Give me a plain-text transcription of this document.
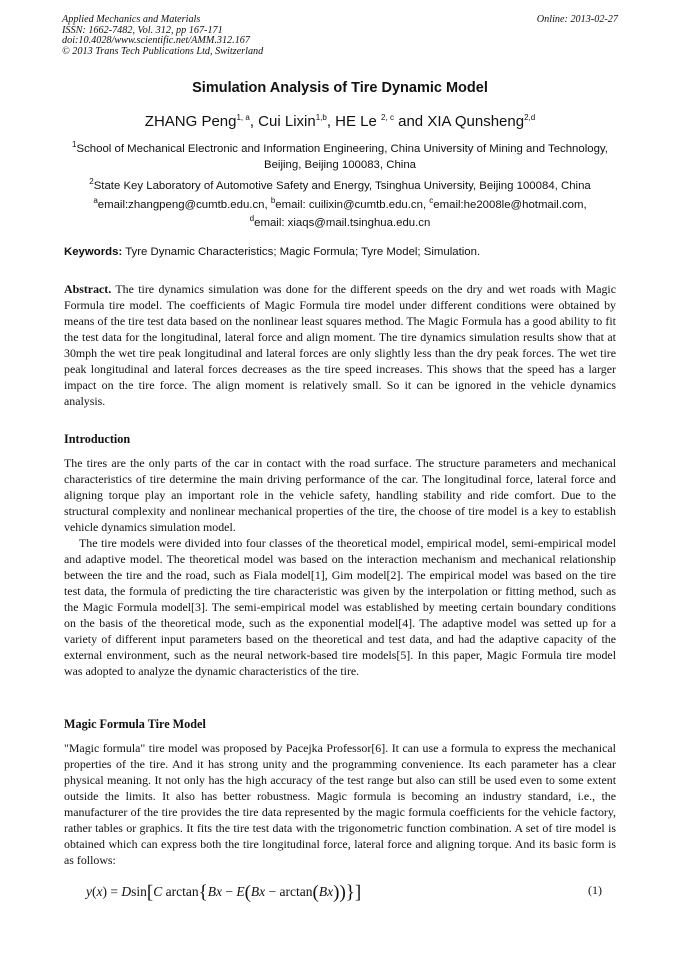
Applied Mechanics and Materials
ISSN: 1662-7482, Vol. 312, pp 167-171
doi:10.4028/www.scientific.net/AMM.312.167
© 2013 Trans Tech Publications Ltd, Switzerland
Online: 2013-02-27
Simulation Analysis of Tire Dynamic Model
ZHANG Peng$^{1, a}$, Cui Lixin$^{1,b}$, HE Le $^{2, c}$ and XIA Qunsheng$^{2,d}$
$^1$School of Mechanical Electronic and Information Engineering, China University of Mining and Technology, Beijing, Beijing 100083, China
$^2$State Key Laboratory of Automotive Safety and Energy, Tsinghua University, Beijing 100084, China
$^a$email:zhangpeng@cumtb.edu.cn, $^b$email: cuilixin@cumtb.edu.cn, $^c$email:he2008le@hotmail.com,
$^d$email: xiaqs@mail.tsinghua.edu.cn
Keywords: Tyre Dynamic Characteristics; Magic Formula; Tyre Model; Simulation.

Abstract. The tire dynamics simulation was done for the different speeds on the dry and wet roads with Magic Formula tire model. The coefficients of Magic Formula tire model under different conditions were obtained by means of the tire test data based on the nonlinear least squares method. The Magic Formula has a good ability to fit the test data for the longitudinal, lateral force and align moment. The tire dynamics simulation results show that at 30mph the wet tire peak longitudinal and lateral forces are only slightly less than the dry peak forces. The wet tire peak longitudinal and lateral forces decreases as the tire speed increases. This shows that the speed has a larger impact on the tire force. The align moment is relatively small. So it can be ignored in the vehicle dynamics analysis.

Introduction

The tires are the only parts of the car in contact with the road surface. The structure parameters and mechanical characteristics of tire determine the main driving performance of the car. The longitudinal force, lateral force and aligning torque play an important role in the vehicle safety, handling stability and ride comfort. Due to the structural complexity and nonlinear mechanical properties of the tire, the choose of tire model is a key to establish vehicle dynamics simulation model.

The tire models were divided into four classes of the theoretical model, empirical model, semi-empirical model and adaptive model. The theoretical model was based on the interaction mechanism and mechanical relationship between the tire and the road, such as Fiala model[1], Gim model[2]. The empirical model was based on the tire test data, the formula of predicting the tire characteristic was given by the interpolation or fitting method, such as the Magic Formula model[3]. The semi-empirical model was established by meeting certain boundary conditions on the basis of the theoretical mode, such as the exponential model[4]. The adaptive model was setted up for a variety of different input parameters based on the theoretical and test data, and had the adaptive capacity of the external environment, such as the neural network-based tire models[5]. In this paper, Magic Formula tire model was adopted to analyze the dynamic characteristics of the tire.

Magic Formula Tire Model

"Magic formula" tire model was proposed by Pacejka Professor[6]. It can use a formula to express the mechanical properties of the tire. And it has strong unity and the programming convenience. Its each parameter has a clear physical meaning. It not only has the high accuracy of the test range but also can still be used even to some extent outside the limits. It also has better robustness. Magic formula is becoming an industry standard, i.e., the manufacturer of the tire provides the tire data represented by the magic formula coefficients for the vehicle factory, rather tables or graphics. It fits the tire test data with the trigonometric function combination. A set of tire model is obtained which can express both the tire longitudinal force, lateral force and aligning torque. And its basic form is as follows:

y(x) = Dsin[C arctan{Bx − E(Bx − arctan(Bx))}]	(1)
